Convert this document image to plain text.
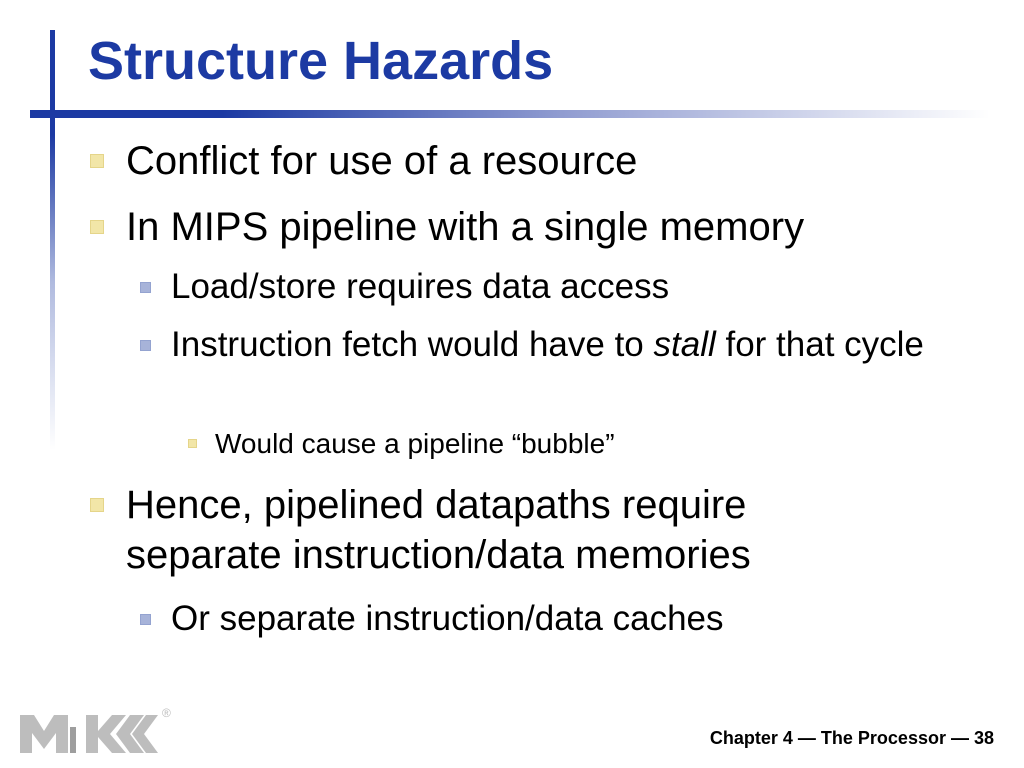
Structure Hazards
Conflict for use of a resource
In MIPS pipeline with a single memory
Load/store requires data access
Instruction fetch would have to stall for that cycle
Would cause a pipeline “bubble”
Hence, pipelined datapaths require separate instruction/data memories
Or separate instruction/data caches
®
Chapter 4 — The Processor — 38
